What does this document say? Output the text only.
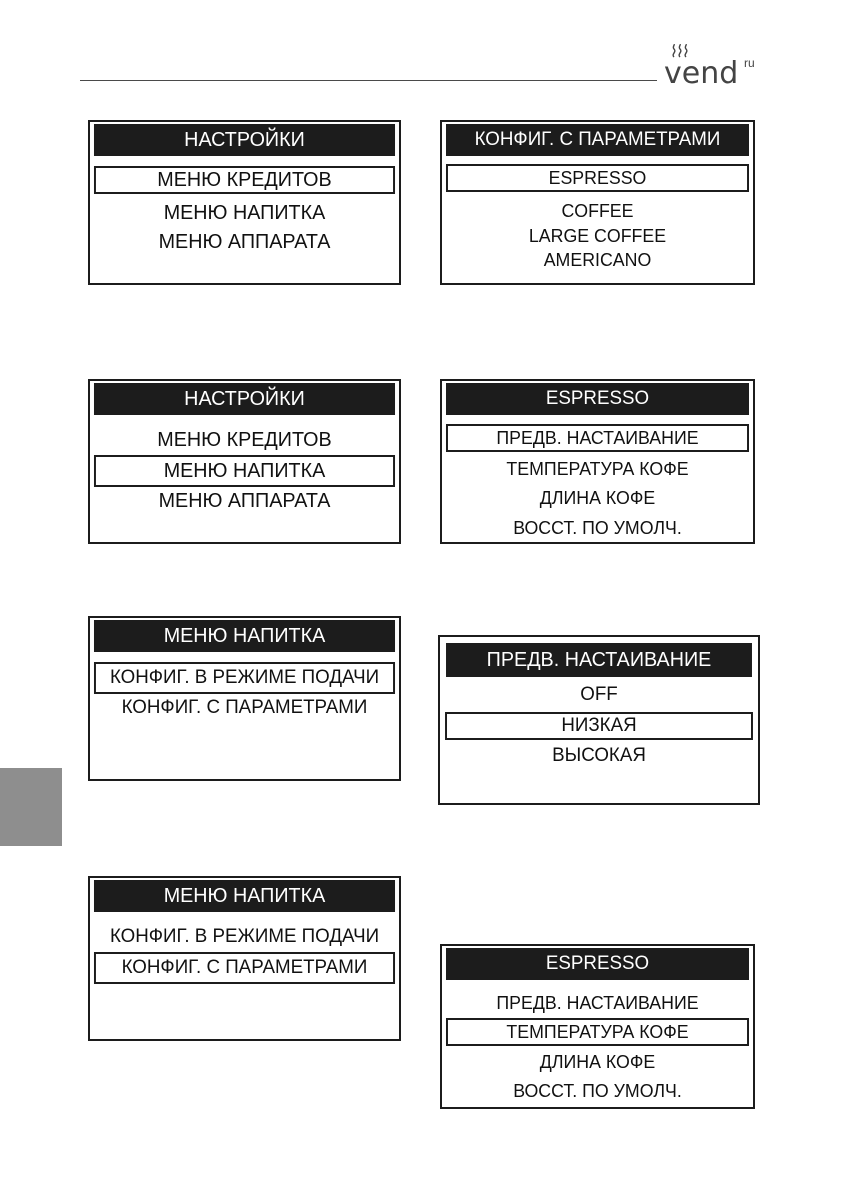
vend ru
НАСТРОЙКИ
МЕНЮ КРЕДИТОВ
МЕНЮ НАПИТКА
МЕНЮ АППАРАТА
КОНФИГ. С ПАРАМЕТРАМИ
ESPRESSO
COFFEE
LARGE COFFEE
AMERICANO
НАСТРОЙКИ
МЕНЮ КРЕДИТОВ
МЕНЮ НАПИТКА
МЕНЮ АППАРАТА
ESPRESSO
ПРЕДВ. НАСТАИВАНИЕ
ТЕМПЕРАТУРА КОФЕ
ДЛИНА КОФЕ
ВОССТ. ПО УМОЛЧ.
МЕНЮ НАПИТКА
КОНФИГ. В РЕЖИМЕ ПОДАЧИ
КОНФИГ. С ПАРАМЕТРАМИ
ПРЕДВ. НАСТАИВАНИЕ
OFF
НИЗКАЯ
ВЫСОКАЯ
МЕНЮ НАПИТКА
КОНФИГ. В РЕЖИМЕ ПОДАЧИ
КОНФИГ. С ПАРАМЕТРАМИ	ESPRESSO
ПРЕДВ. НАСТАИВАНИЕ
ТЕМПЕРАТУРА КОФЕ
ДЛИНА КОФЕ
ВОССТ. ПО УМОЛЧ.
